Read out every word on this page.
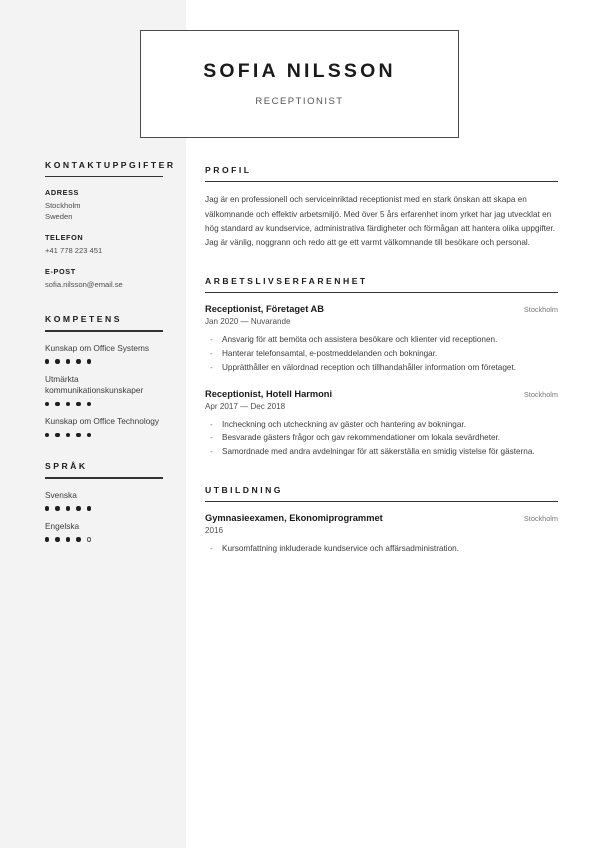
SOFIA NILSSON
RECEPTIONIST
KONTAKTUPPGIFTER
ADRESS
Stockholm
Sweden
TELEFON
+41 778 223 451
E-POST
sofia.nilsson@email.se
KOMPETENS
Kunskap om Office Systems
Utmärkta kommunikationskunskaper
Kunskap om Office Technology
SPRÅK
Svenska
Engelska
PROFIL
Jag är en professionell och serviceinriktad receptionist med en stark önskan att skapa en välkomnande och effektiv arbetsmiljö. Med över 5 års erfarenhet inom yrket har jag utvecklat en hög standard av kundservice, administrativa färdigheter och förmågan att hantera olika uppgifter. Jag är vänlig, noggrann och redo att ge ett varmt välkomnande till besökare och personal.
ARBETSLIVSERFARENHET
Receptionist, Företaget AB	Stockholm
Jan 2020 — Nuvarande
- Ansvarig för att bemöta och assistera besökare och klienter vid receptionen.
- Hanterar telefonsamtal, e-postmeddelanden och bokningar.
- Upprätthåller en välordnad reception och tillhandahåller information om företaget.
Receptionist, Hotell Harmoni	Stockholm
Apr 2017 — Dec 2018
- Incheckning och utcheckning av gäster och hantering av bokningar.
- Besvarade gästers frågor och gav rekommendationer om lokala sevärdheter.
- Samordnade med andra avdelningar för att säkerställa en smidig vistelse för gästerna.
UTBILDNING
Gymnasieexamen, Ekonomiprogrammet	Stockholm
2016
- Kursomfattning inkluderade kundservice och affärsadministration.
